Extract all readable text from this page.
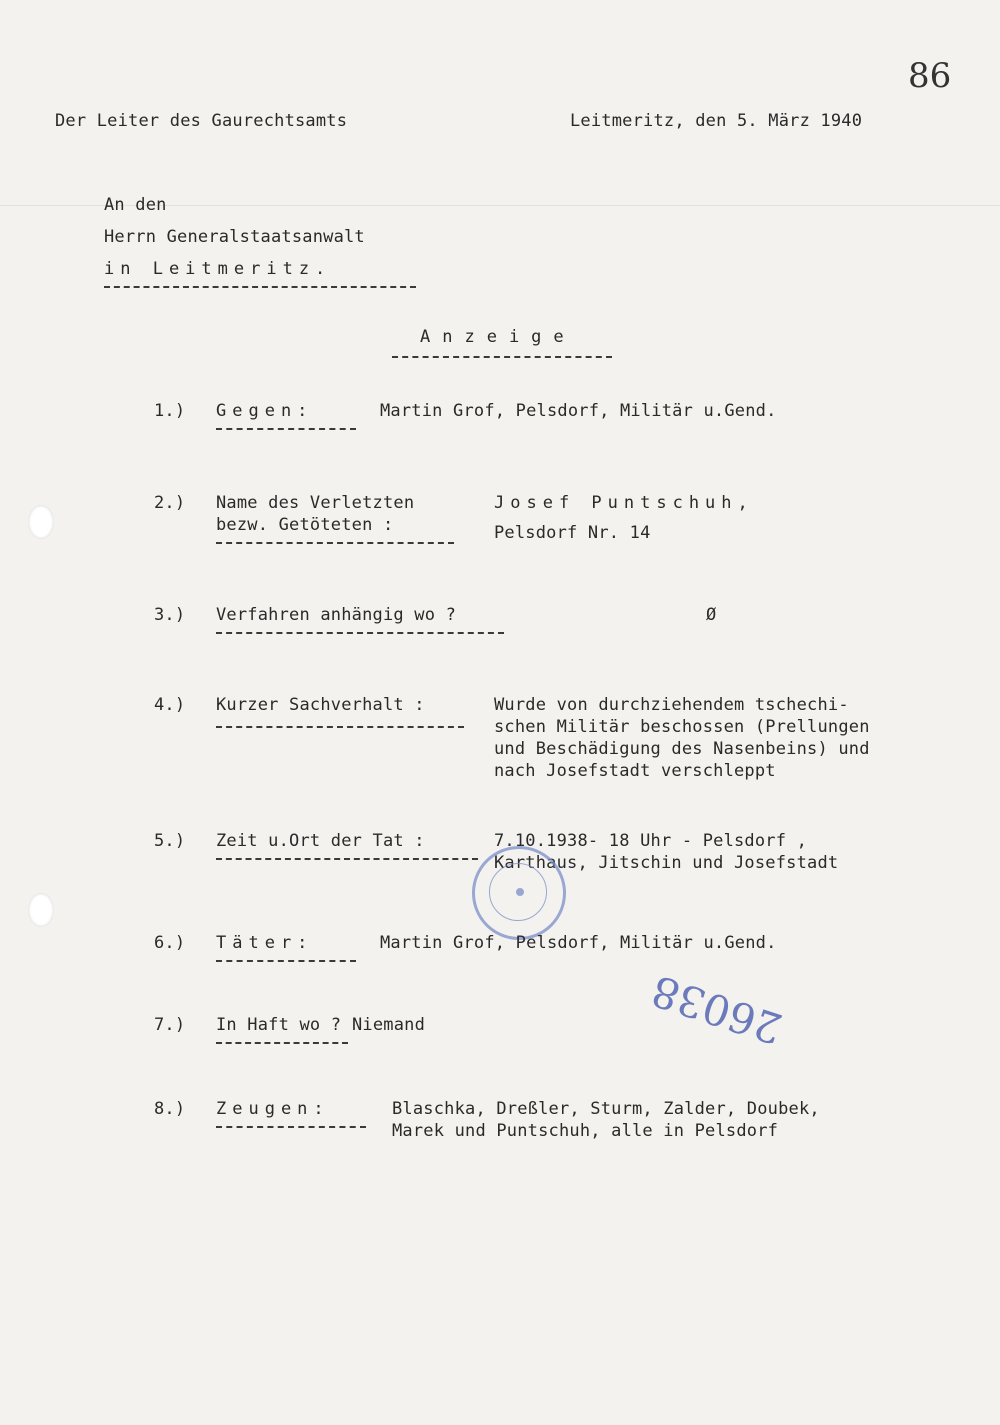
86
Der Leiter des Gaurechtsamts	Leitmeritz, den 5. März 1940
An den
Herrn Generalstaatsanwalt
in Leitmeritz.
Anzeige
1.) Gegen:	Martin Grof, Pelsdorf, Militär u.Gend.
2.) Name des Verletzten
bezw. Getöteten :
Josef Puntschuh,
Pelsdorf Nr. 14
3.) Verfahren anhängig wo ?	Ø
4.) Kurzer Sachverhalt :	Wurde von durchziehendem tschechi-
schen Militär beschossen (Prellungen
und Beschädigung des Nasenbeins) und
nach Josefstadt verschleppt
5.) Zeit u.Ort der Tat :	7.10.1938- 18 Uhr - Pelsdorf ,
Karthaus, Jitschin und Josefstadt
6.) Täter:	Martin Grof, Pelsdorf, Militär u.Gend.
26038
7.) In Haft wo ? Niemand
8.) Zeugen:	Blaschka, Dreßler, Sturm, Zalder, Doubek,
Marek und Puntschuh, alle in Pelsdorf
